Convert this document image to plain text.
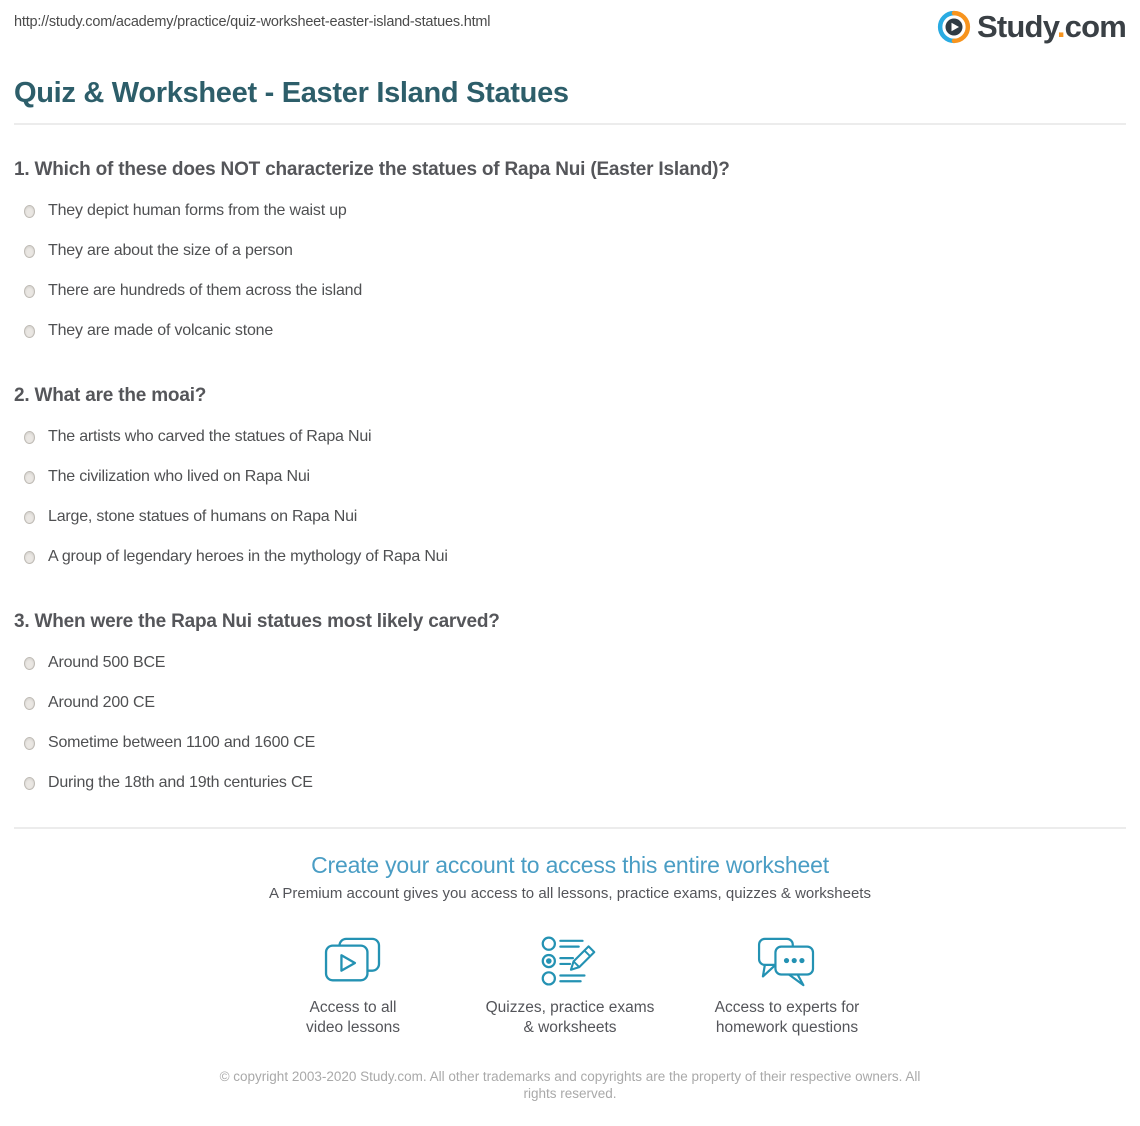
http://study.com/academy/practice/quiz-worksheet-easter-island-statues.html	Study.com
Quiz & Worksheet - Easter Island Statues
1. Which of these does NOT characterize the statues of Rapa Nui (Easter Island)?
They depict human forms from the waist up
They are about the size of a person
There are hundreds of them across the island
They are made of volcanic stone
2. What are the moai?
The artists who carved the statues of Rapa Nui
The civilization who lived on Rapa Nui
Large, stone statues of humans on Rapa Nui
A group of legendary heroes in the mythology of Rapa Nui
3. When were the Rapa Nui statues most likely carved?
Around 500 BCE
Around 200 CE
Sometime between 1100 and 1600 CE
During the 18th and 19th centuries CE
Create your account to access this entire worksheet
A Premium account gives you access to all lessons, practice exams, quizzes & worksheets
Access to all
video lessons
Quizzes, practice exams
& worksheets
Access to experts for
homework questions
© copyright 2003-2020 Study.com. All other trademarks and copyrights are the property of their respective owners. All rights reserved.
